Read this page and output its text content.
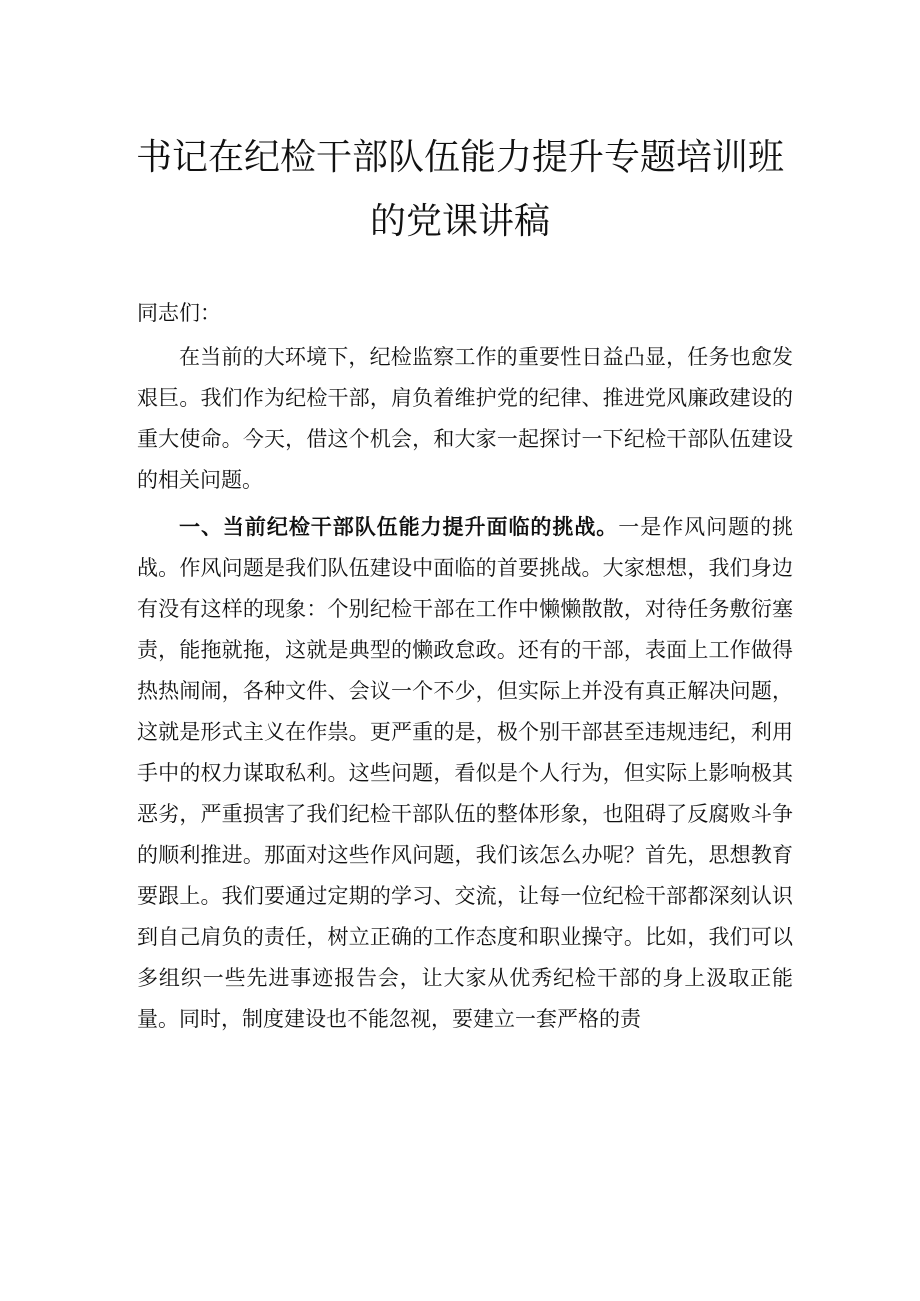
书记在纪检干部队伍能力提升专题培训班
的党课讲稿
同志们：

在当前的大环境下，纪检监察工作的重要性日益凸显，任务也愈发艰巨。我们作为纪检干部，肩负着维护党的纪律、推进党风廉政建设的重大使命。今天，借这个机会，和大家一起探讨一下纪检干部队伍建设的相关问题。

一、当前纪检干部队伍能力提升面临的挑战。一是作风问题的挑战。作风问题是我们队伍建设中面临的首要挑战。大家想想，我们身边有没有这样的现象：个别纪检干部在工作中懒懒散散，对待任务敷衍塞责，能拖就拖，这就是典型的懒政怠政。还有的干部，表面上工作做得热热闹闹，各种文件、会议一个不少，但实际上并没有真正解决问题，这就是形式主义在作祟。更严重的是，极个别干部甚至违规违纪，利用手中的权力谋取私利。这些问题，看似是个人行为，但实际上影响极其恶劣，严重损害了我们纪检干部队伍的整体形象，也阻碍了反腐败斗争的顺利推进。那面对这些作风问题，我们该怎么办呢？首先，思想教育要跟上。我们要通过定期的学习、交流，让每一位纪检干部都深刻认识到自己肩负的责任，树立正确的工作态度和职业操守。比如，我们可以多组织一些先进事迹报告会，让大家从优秀纪检干部的身上汲取正能量。同时，制度建设也不能忽视，要建立一套严格的责
